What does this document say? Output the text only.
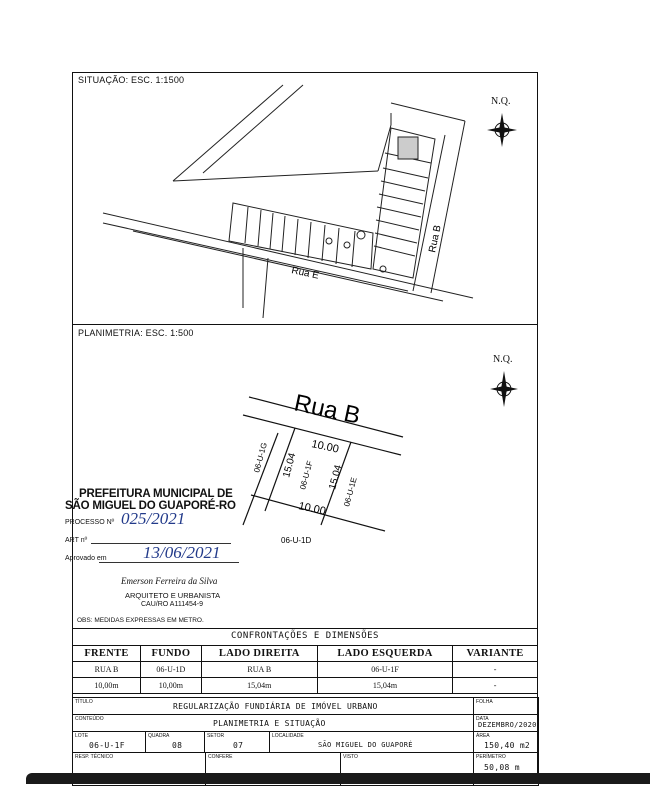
SITUAÇÃO: ESC. 1:1500
Rua E
Rua B
N.Q.
PLANIMETRIA: ESC. 1:500
N.Q.
Rua B
10.00
10.00
15.04	15.04
06-U-1F
06-U-1G
06-U-1E
06-U-1D
PREFEITURA MUNICIPAL DE
SÃO MIGUEL DO GUAPORÉ-RO
PROCESSO Nº 025/2021
ART nº
Aprovado em 13/06/2021
Emerson Ferreira da Silva
ARQUITETO E URBANISTA
CAU/RO A111454-9
OBS: MEDIDAS EXPRESSAS EM METRO.
CONFRONTAÇÕES E DIMENSÕES
FRENTE	FUNDO	LADO DIREITA	LADO ESQUERDA	VARIANTE
RUA B	06-U-1D	RUA B	06-U-1F	-
10,00m	10,00m	15,04m	15,04m	-
TÍTULO	REGULARIZAÇÃO FUNDIÁRIA DE IMÓVEL URBANO	FOLHA
CONTEÚDO	PLANIMETRIA E SITUAÇÃO	DATA
DEZEMBRO/2020
LOTE
06-U-1F
QUADRA
08
SETOR
07
LOCALIDADE
SÃO MIGUEL DO GUAPORÉ
ÁREA
150,40 m2
RESP. TÉCNICO	CONFERE	VISTO	PERÍMETRO
50,08 m
